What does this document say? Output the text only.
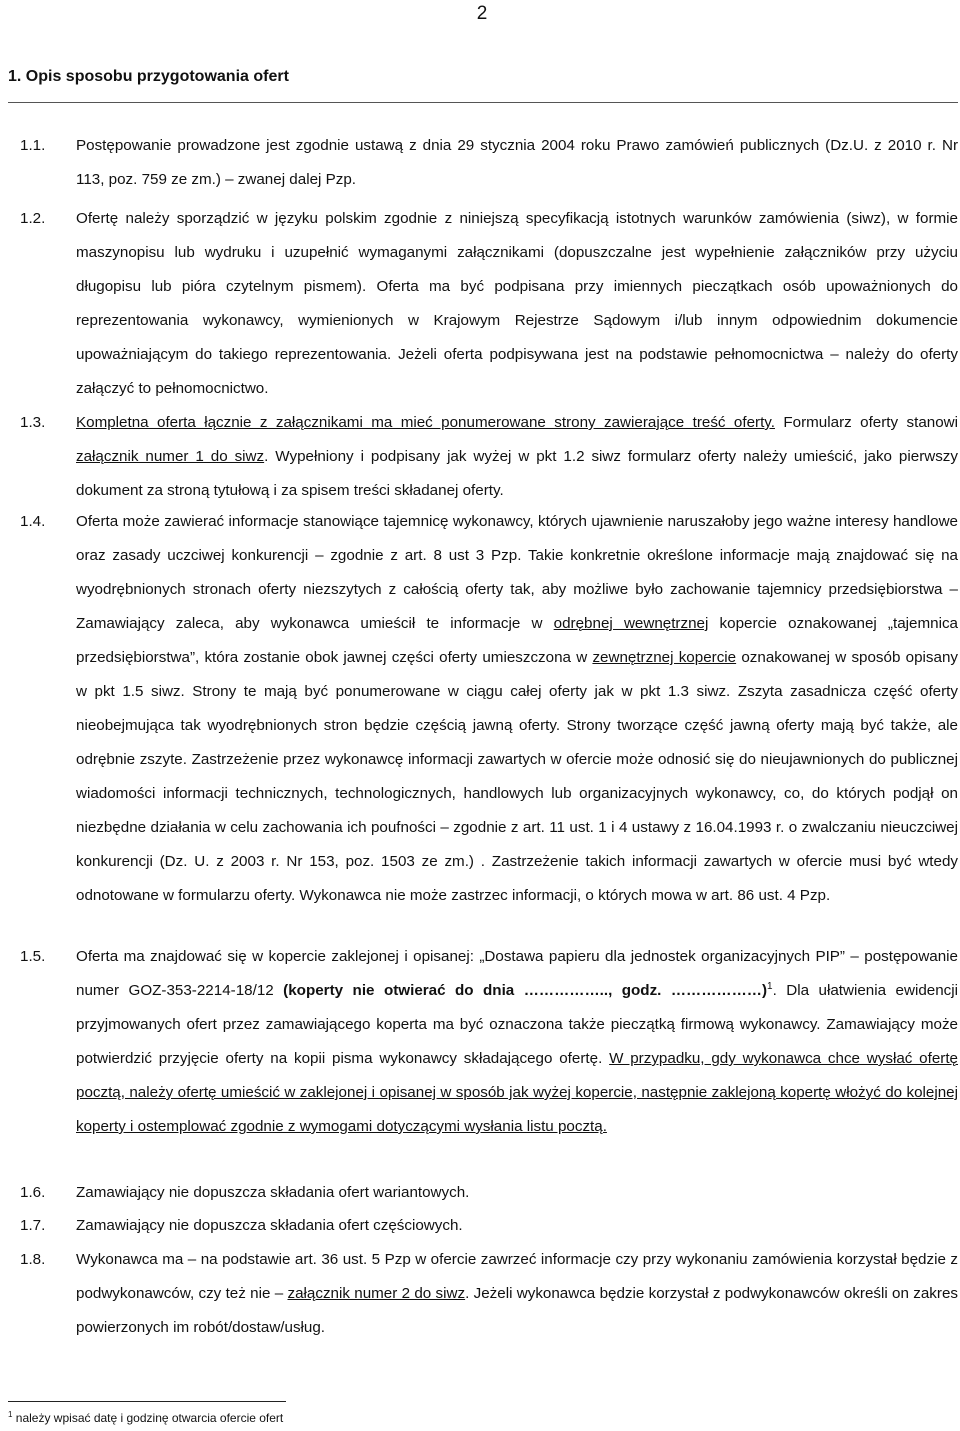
2
1. Opis sposobu przygotowania ofert
1.1. Postępowanie prowadzone jest zgodnie ustawą z dnia 29 stycznia 2004 roku Prawo zamówień publicznych (Dz.U. z 2010 r. Nr 113, poz. 759 ze zm.) – zwanej dalej Pzp.
1.2. Ofertę należy sporządzić w języku polskim zgodnie z niniejszą specyfikacją istotnych warunków zamówienia (siwz), w formie maszynopisu lub wydruku i uzupełnić wymaganymi załącznikami (dopuszczalne jest wypełnienie załączników przy użyciu długopisu lub pióra czytelnym pismem). Oferta ma być podpisana przy imiennych pieczątkach osób upoważnionych do reprezentowania wykonawcy, wymienionych w Krajowym Rejestrze Sądowym i/lub innym odpowiednim dokumencie upoważniającym do takiego reprezentowania. Jeżeli oferta podpisywana jest na podstawie pełnomocnictwa – należy do oferty załączyć to pełnomocnictwo.
1.3. Kompletna oferta łącznie z załącznikami ma mieć ponumerowane strony zawierające treść oferty. Formularz oferty stanowi załącznik numer 1 do siwz. Wypełniony i podpisany jak wyżej w pkt 1.2 siwz formularz oferty należy umieścić, jako pierwszy dokument za stroną tytułową i za spisem treści składanej oferty.
1.4. Oferta może zawierać informacje stanowiące tajemnicę wykonawcy, których ujawnienie naruszałoby jego ważne interesy handlowe oraz zasady uczciwej konkurencji – zgodnie z art. 8 ust 3 Pzp. Takie konkretnie określone informacje mają znajdować się na wyodrębnionych stronach oferty niezszytych z całością oferty tak, aby możliwe było zachowanie tajemnicy przedsiębiorstwa – Zamawiający zaleca, aby wykonawca umieścił te informacje w odrębnej wewnętrznej kopercie oznakowanej „tajemnica przedsiębiorstwa”, która zostanie obok jawnej części oferty umieszczona w zewnętrznej kopercie oznakowanej w sposób opisany w pkt 1.5 siwz. Strony te mają być ponumerowane w ciągu całej oferty jak w pkt 1.3 siwz. Zszyta zasadnicza część oferty nieobejmująca tak wyodrębnionych stron będzie częścią jawną oferty. Strony tworzące część jawną oferty mają być także, ale odrębnie zszyte. Zastrzeżenie przez wykonawcę informacji zawartych w ofercie może odnosić się do nieujawnionych do publicznej wiadomości informacji technicznych, technologicznych, handlowych lub organizacyjnych wykonawcy, co, do których podjął on niezbędne działania w celu zachowania ich poufności – zgodnie z art. 11 ust. 1 i 4 ustawy z 16.04.1993 r. o zwalczaniu nieuczciwej konkurencji (Dz. U. z 2003 r. Nr 153, poz. 1503 ze zm.) . Zastrzeżenie takich informacji zawartych w ofercie musi być wtedy odnotowane w formularzu oferty. Wykonawca nie może zastrzec informacji, o których mowa w art. 86 ust. 4 Pzp.
1.5. Oferta ma znajdować się w kopercie zaklejonej i opisanej: „Dostawa papieru dla jednostek organizacyjnych PIP” – postępowanie numer GOZ-353-2214-18/12 (koperty nie otwierać do dnia …………….., godz. ………………)$^1$. Dla ułatwienia ewidencji przyjmowanych ofert przez zamawiającego koperta ma być oznaczona także pieczątką firmową wykonawcy. Zamawiający może potwierdzić przyjęcie oferty na kopii pisma wykonawcy składającego ofertę. W przypadku, gdy wykonawca chce wysłać ofertę pocztą, należy ofertę umieścić w zaklejonej i opisanej w sposób jak wyżej kopercie, następnie zaklejoną kopertę włożyć do kolejnej koperty i ostemplować zgodnie z wymogami dotyczącymi wysłania listu pocztą.
1.6. Zamawiający nie dopuszcza składania ofert wariantowych.
1.7. Zamawiający nie dopuszcza składania ofert częściowych.
1.8. Wykonawca ma – na podstawie art. 36 ust. 5 Pzp w ofercie zawrzeć informacje czy przy wykonaniu zamówienia korzystał będzie z podwykonawców, czy też nie – załącznik numer 2 do siwz. Jeżeli wykonawca będzie korzystał z podwykonawców określi on zakres powierzonych im robót/dostaw/usług.
$^1$ należy wpisać datę i godzinę otwarcia ofercie ofert
